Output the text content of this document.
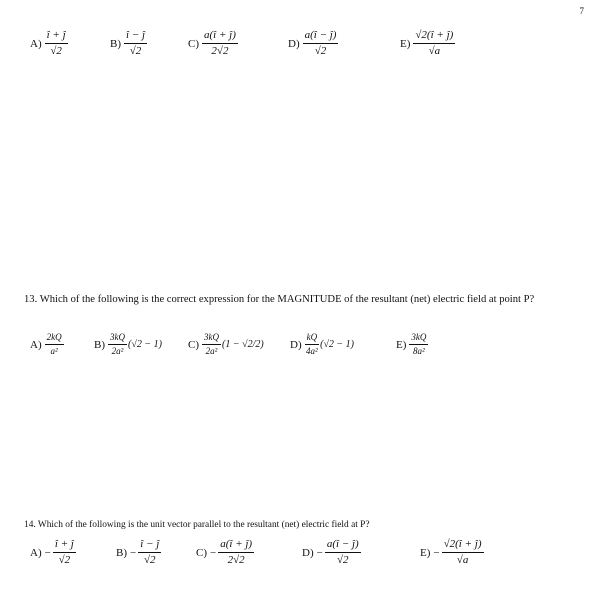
7
$A) \frac{î + ĵ}{√2}$	$B) \frac{î - ĵ}{√2}$	$C) \frac{a(î + ĵ)}{2√2}$	$D) \frac{a(î - ĵ)}{√2}$	$E) \frac{√2(î + ĵ)}{√a}$
13. Which of the following is the correct expression for the MAGNITUDE of the resultant (net) electric field at point P?
$A) \frac{2kQ}{\text{a²}}$	$B) \frac{3kQ}{\text{2a²}} (√2 - 1)$ $C) \frac{3kQ}{\text{2a²}} (1 - √2/2)$ $D) \frac{kQ}{\text{4a²}} (√2 - 1)$	$E) \frac{3kQ}{\text{8a²}}$
14. Which of the following is the unit vector parallel to the resultant (net) electric field at P?
$A) - \frac{î + ĵ}{√2}$	$B) - \frac{î - ĵ}{√2}$	$C) - \frac{a(î + ĵ)}{2√2}$	$D) - \frac{a(î - ĵ)}{√2}$	$E) - \frac{√2(î + ĵ)}{√a}$
